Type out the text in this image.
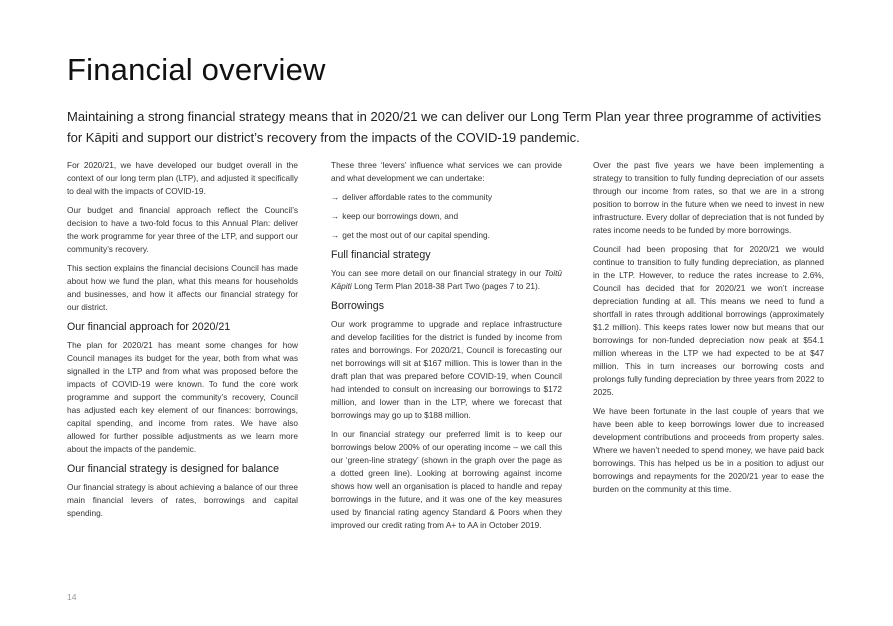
Financial overview

Maintaining a strong financial strategy means that in 2020/21 we can deliver our Long Term Plan year three programme of activities for Kāpiti and support our district’s recovery from the impacts of the COVID-19 pandemic.

For 2020/21, we have developed our budget overall in the context of our long term plan (LTP), and adjusted it specifically to deal with the impacts of COVID-19.

Our budget and financial approach reflect the Council’s decision to have a two-fold focus to this Annual Plan: deliver the work programme for year three of the LTP, and support our community’s recovery.

This section explains the financial decisions Council has made about how we fund the plan, what this means for households and businesses, and how it affects our financial strategy for our district.

Our financial approach for 2020/21

The plan for 2020/21 has meant some changes for how Council manages its budget for the year, both from what was signalled in the LTP and from what was proposed before the impacts of COVID-19 were known. To fund the core work programme and support the community’s recovery, Council has adjusted each key element of our finances: borrowings, capital spending, and income from rates. We have also allowed for further possible adjustments as we learn more about the impacts of the pandemic.

Our financial strategy is designed for balance

Our financial strategy is about achieving a balance of our three main financial levers of rates, borrowings and capital spending.

These three ‘levers’ influence what services we can provide and what development we can undertake:

→ deliver affordable rates to the community
→ keep our borrowings down, and
→ get the most out of our capital spending.
Full financial strategy

You can see more detail on our financial strategy in our Toitū Kāpiti Long Term Plan 2018-38 Part Two (pages 7 to 21).

Borrowings

Our work programme to upgrade and replace infrastructure and develop facilities for the district is funded by income from rates and borrowings. For 2020/21, Council is forecasting our net borrowings will sit at $167 million. This is lower than in the draft plan that was prepared before COVID-19, when Council had intended to consult on increasing our borrowings to $172 million, and lower than in the LTP, where we forecast that borrowings may go up to $188 million.

In our financial strategy our preferred limit is to keep our borrowings below 200% of our operating income – we call this our ‘green-line strategy’ (shown in the graph over the page as a dotted green line). Looking at borrowing against income shows how well an organisation is placed to handle and repay borrowings in the future, and it was one of the key measures used by financial rating agency Standard & Poors when they improved our credit rating from A+ to AA in October 2019.

Over the past five years we have been implementing a strategy to transition to fully funding depreciation of our assets through our income from rates, so that we are in a strong position to borrow in the future when we need to invest in new infrastructure. Every dollar of depreciation that is not funded by rates income needs to be funded by more borrowings.

Council had been proposing that for 2020/21 we would continue to transition to fully funding depreciation, as planned in the LTP. However, to reduce the rates increase to 2.6%, Council has decided that for 2020/21 we won’t increase depreciation funding at all. This means we need to fund a shortfall in rates through additional borrowings (approximately $1.2 million). This keeps rates lower now but means that our borrowings for non-funded depreciation now peak at $54.1 million whereas in the LTP we had expected to be at $47 million. This in turn increases our borrowing costs and prolongs fully funding depreciation by three years from 2022 to 2025.

We have been fortunate in the last couple of years that we have been able to keep borrowings lower due to increased development contributions and proceeds from property sales. Where we haven’t needed to spend money, we have paid back borrowings. This has helped us be in a position to adjust our borrowings and repayments for the 2020/21 year to ease the burden on the community at this time.

14
